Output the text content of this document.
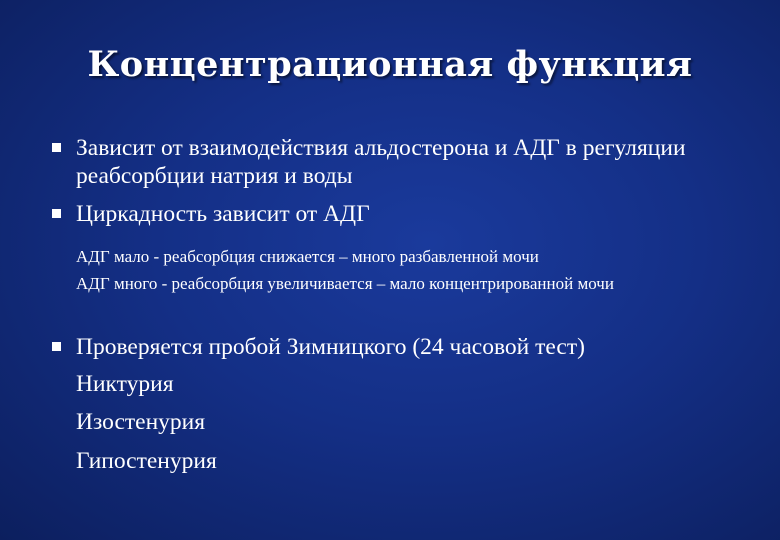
Концентрационная функция
Зависит от взаимодействия альдостерона и АДГ в регуляции реабсорбции натрия и воды
Циркадность зависит от АДГ
АДГ мало - реабсорбция снижается – много разбавленной мочи
АДГ много - реабсорбция увеличивается – мало концентрированной мочи
Проверяется пробой Зимницкого (24 часовой тест)
Никтурия
Изостенурия
Гипостенурия
